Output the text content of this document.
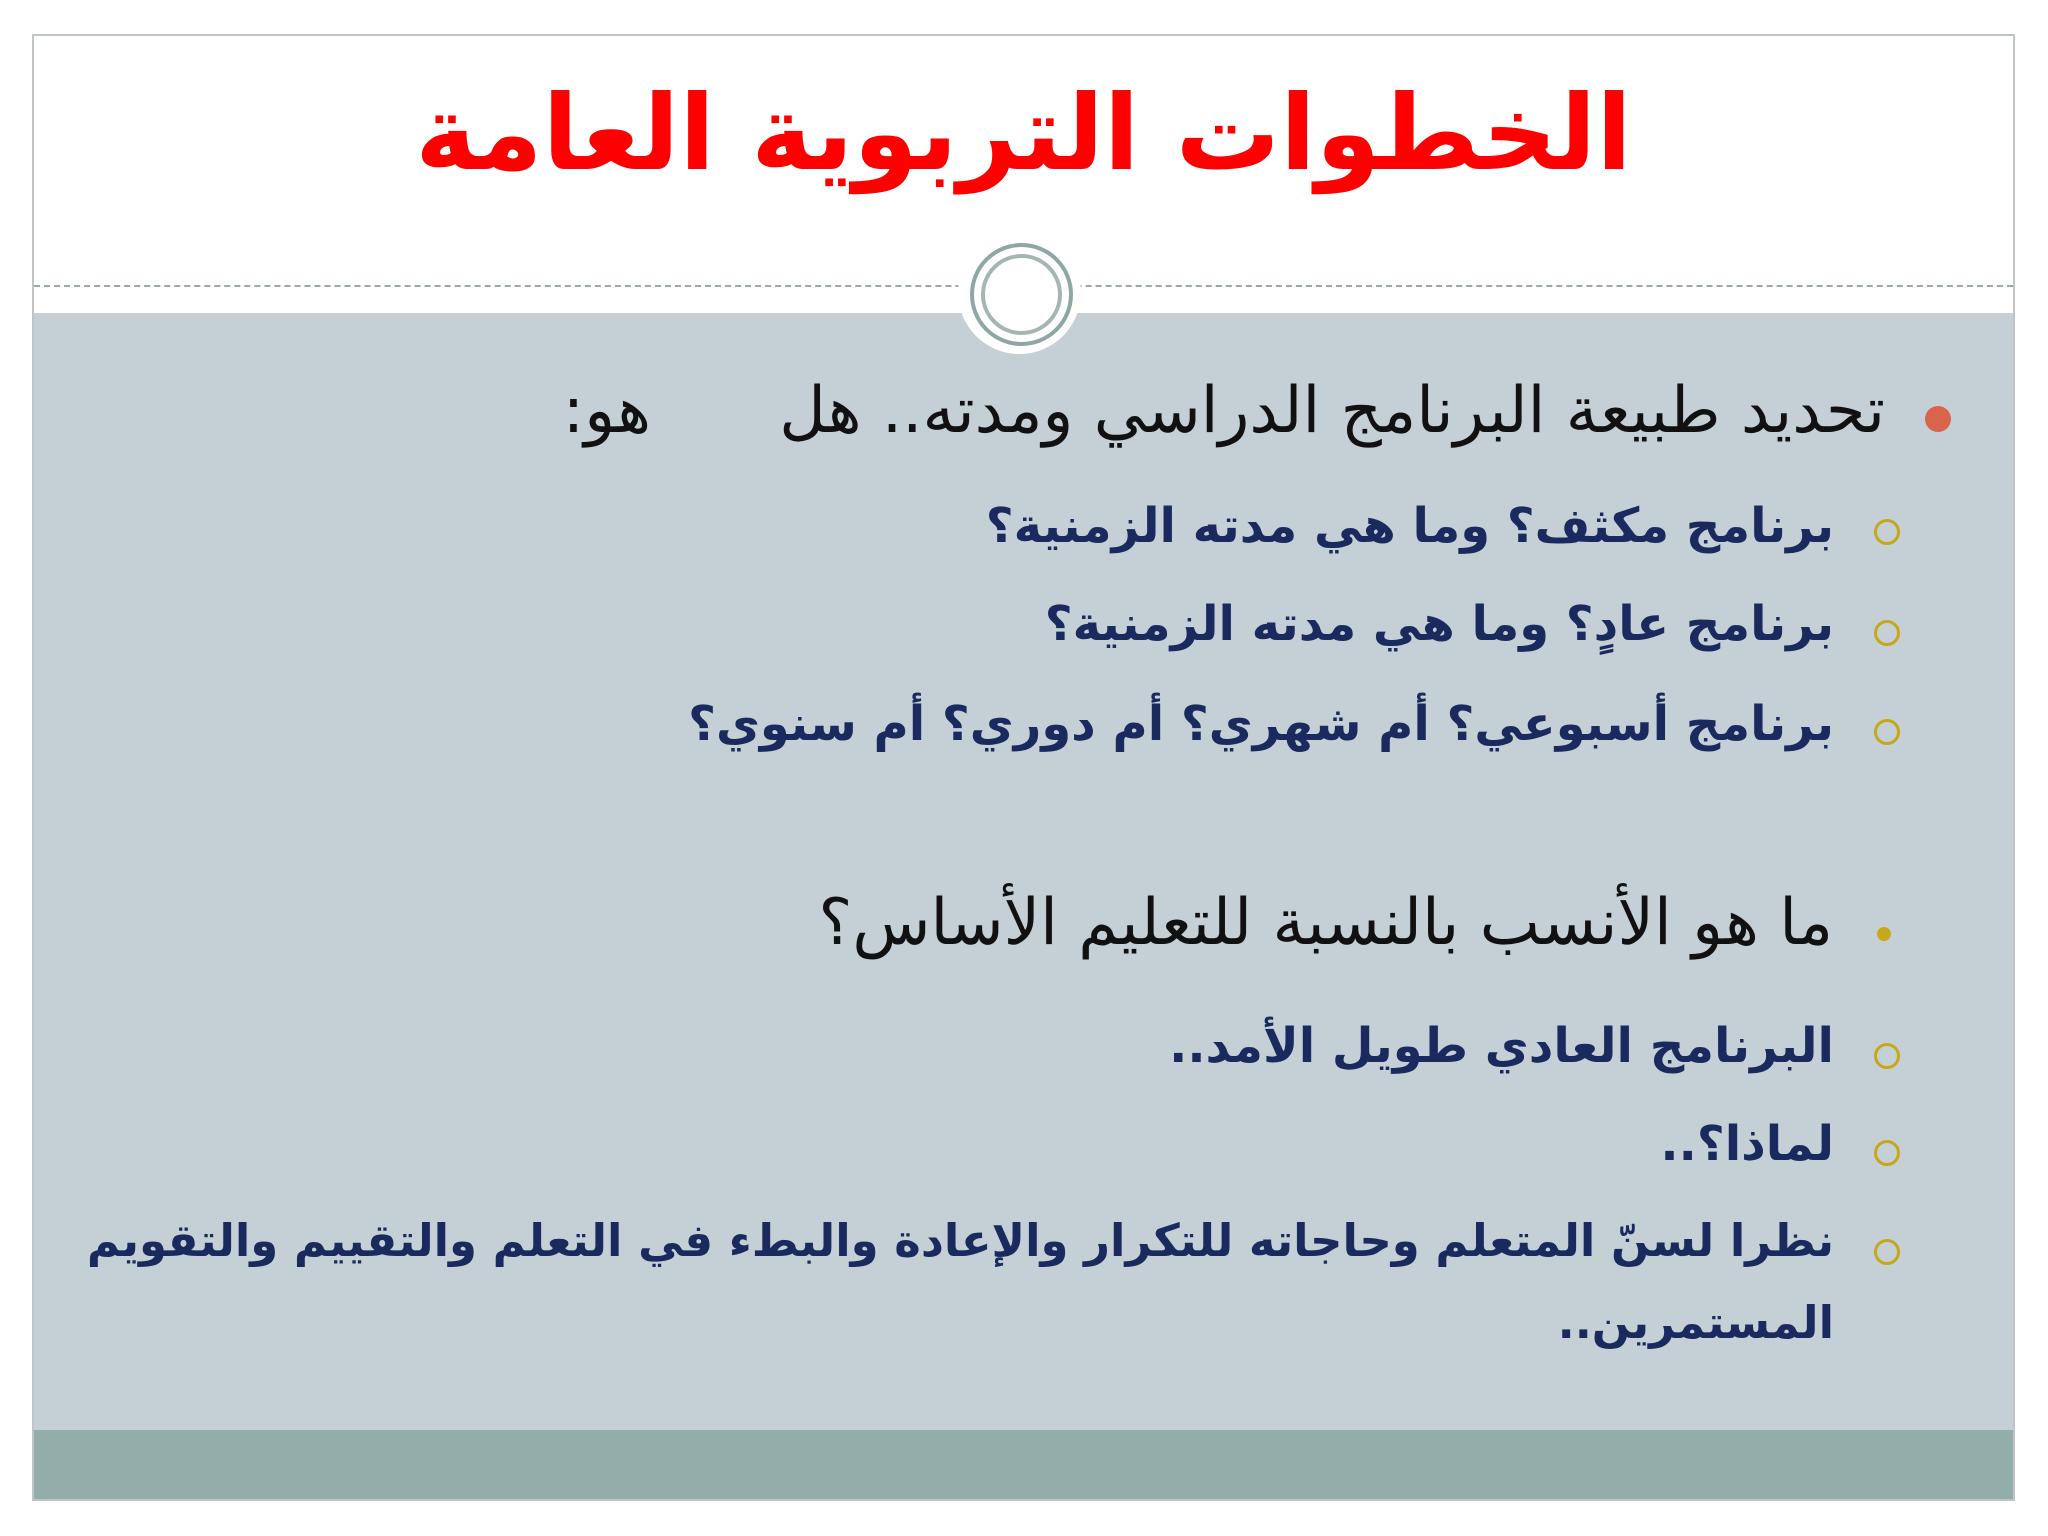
الخطوات التربوية العامة
تحديد طبيعة البرنامج الدراسي ومدته.. هل
هو:
برنامج مكثف؟ وما هي مدته الزمنية؟
برنامج عادٍ؟ وما هي مدته الزمنية؟
برنامج أسبوعي؟ أم شهري؟ أم دوري؟ أم سنوي؟
ما هو الأنسب بالنسبة للتعليم الأساس؟
البرنامج العادي طويل الأمد..
لماذا؟..
نظرا لسنّ المتعلم وحاجاته للتكرار والإعادة والبطء في التعلم والتقييم والتقويم
المستمرين..
